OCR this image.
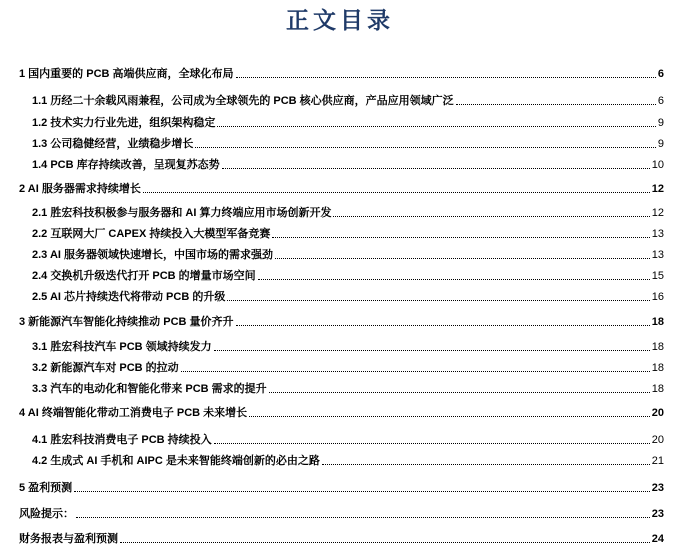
正文目录
1 国内重要的 PCB 高端供应商，全球化布局	6
1.1 历经二十余载风雨兼程，公司成为全球领先的 PCB 核心供应商，产品应用领域广泛	6
1.2 技术实力行业先进，组织架构稳定	9
1.3 公司稳健经营，业绩稳步增长	9
1.4 PCB 库存持续改善，呈现复苏态势	10
2 AI 服务器需求持续增长	12
2.1 胜宏科技积极参与服务器和 AI 算力终端应用市场创新开发	12
2.2 互联网大厂 CAPEX 持续投入大模型军备竞赛	13
2.3 AI 服务器领域快速增长，中国市场的需求强劲	13
2.4 交换机升级迭代打开 PCB 的增量市场空间	15
2.5 AI 芯片持续迭代将带动 PCB 的升级	16
3 新能源汽车智能化持续推动 PCB 量价齐升	18
3.1 胜宏科技汽车 PCB 领域持续发力	18
3.2 新能源汽车对 PCB 的拉动	18
3.3 汽车的电动化和智能化带来 PCB 需求的提升	18
4 AI 终端智能化带动工消费电子 PCB 未来增长	20
4.1 胜宏科技消费电子 PCB 持续投入	20
4.2 生成式 AI 手机和 AIPC 是未来智能终端创新的必由之路	21
5 盈利预测	23
风险提示：	23
财务报表与盈利预测	24
